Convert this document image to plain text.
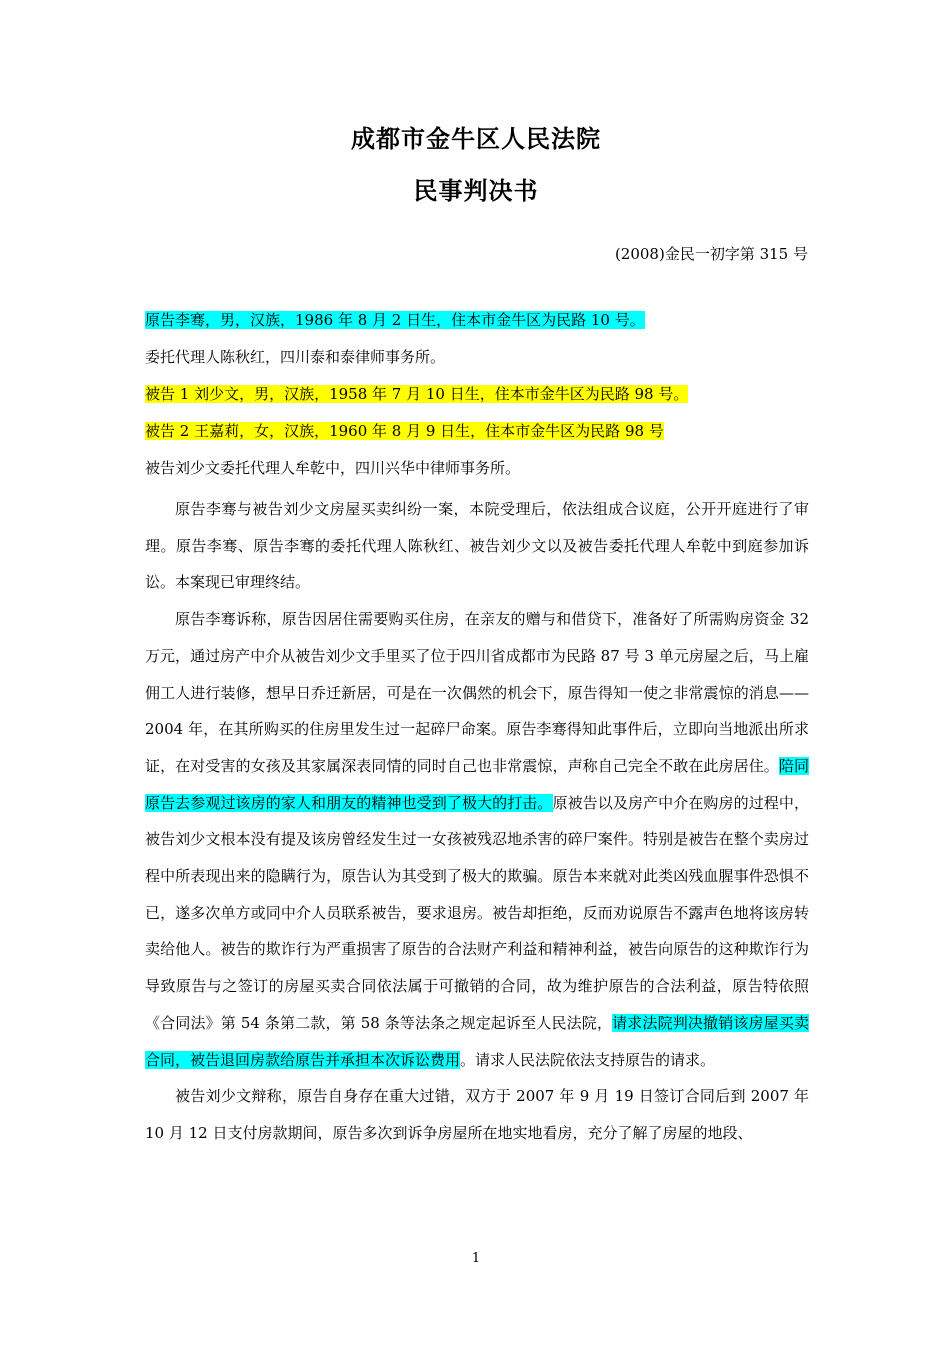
成都市金牛区人民法院
民事判决书
(2008)金民一初字第 315 号
原告李骞，男，汉族，1986 年 8 月 2 日生，住本市金牛区为民路 10 号。
委托代理人陈秋红，四川泰和泰律师事务所。
被告 1 刘少文，男，汉族，1958 年 7 月 10 日生，住本市金牛区为民路 98 号。
被告 2 王嘉莉，女，汉族，1960 年 8 月 9 日生，住本市金牛区为民路 98 号
被告刘少文委托代理人牟乾中，四川兴华中律师事务所。

原告李骞与被告刘少文房屋买卖纠纷一案，本院受理后，依法组成合议庭，公开开庭进行了审理。原告李骞、原告李骞的委托代理人陈秋红、被告刘少文以及被告委托代理人牟乾中到庭参加诉讼。本案现已审理终结。

原告李骞诉称，原告因居住需要购买住房，在亲友的赠与和借贷下，准备好了所需购房资金 32 万元，通过房产中介从被告刘少文手里买了位于四川省成都市为民路 87 号 3 单元房屋之后，马上雇佣工人进行装修，想早日乔迁新居，可是在一次偶然的机会下，原告得知一使之非常震惊的消息——2004 年，在其所购买的住房里发生过一起碎尸命案。原告李骞得知此事件后，立即向当地派出所求证，在对受害的女孩及其家属深表同情的同时自己也非常震惊，声称自己完全不敢在此房居住。陪同原告去参观过该房的家人和朋友的精神也受到了极大的打击。原被告以及房产中介在购房的过程中，被告刘少文根本没有提及该房曾经发生过一女孩被残忍地杀害的碎尸案件。特别是被告在整个卖房过程中所表现出来的隐瞒行为，原告认为其受到了极大的欺骗。原告本来就对此类凶残血腥事件恐惧不已，遂多次单方或同中介人员联系被告，要求退房。被告却拒绝，反而劝说原告不露声色地将该房转卖给他人。被告的欺诈行为严重损害了原告的合法财产利益和精神利益，被告向原告的这种欺诈行为导致原告与之签订的房屋买卖合同依法属于可撤销的合同，故为维护原告的合法利益，原告特依照《合同法》第 54 条第二款，第 58 条等法条之规定起诉至人民法院，请求法院判决撤销该房屋买卖合同，被告退回房款给原告并承担本次诉讼费用。请求人民法院依法支持原告的请求。

被告刘少文辩称，原告自身存在重大过错，双方于 2007 年 9 月 19 日签订合同后到 2007 年 10 月 12 日支付房款期间，原告多次到诉争房屋所在地实地看房，充分了解了房屋的地段、

1
